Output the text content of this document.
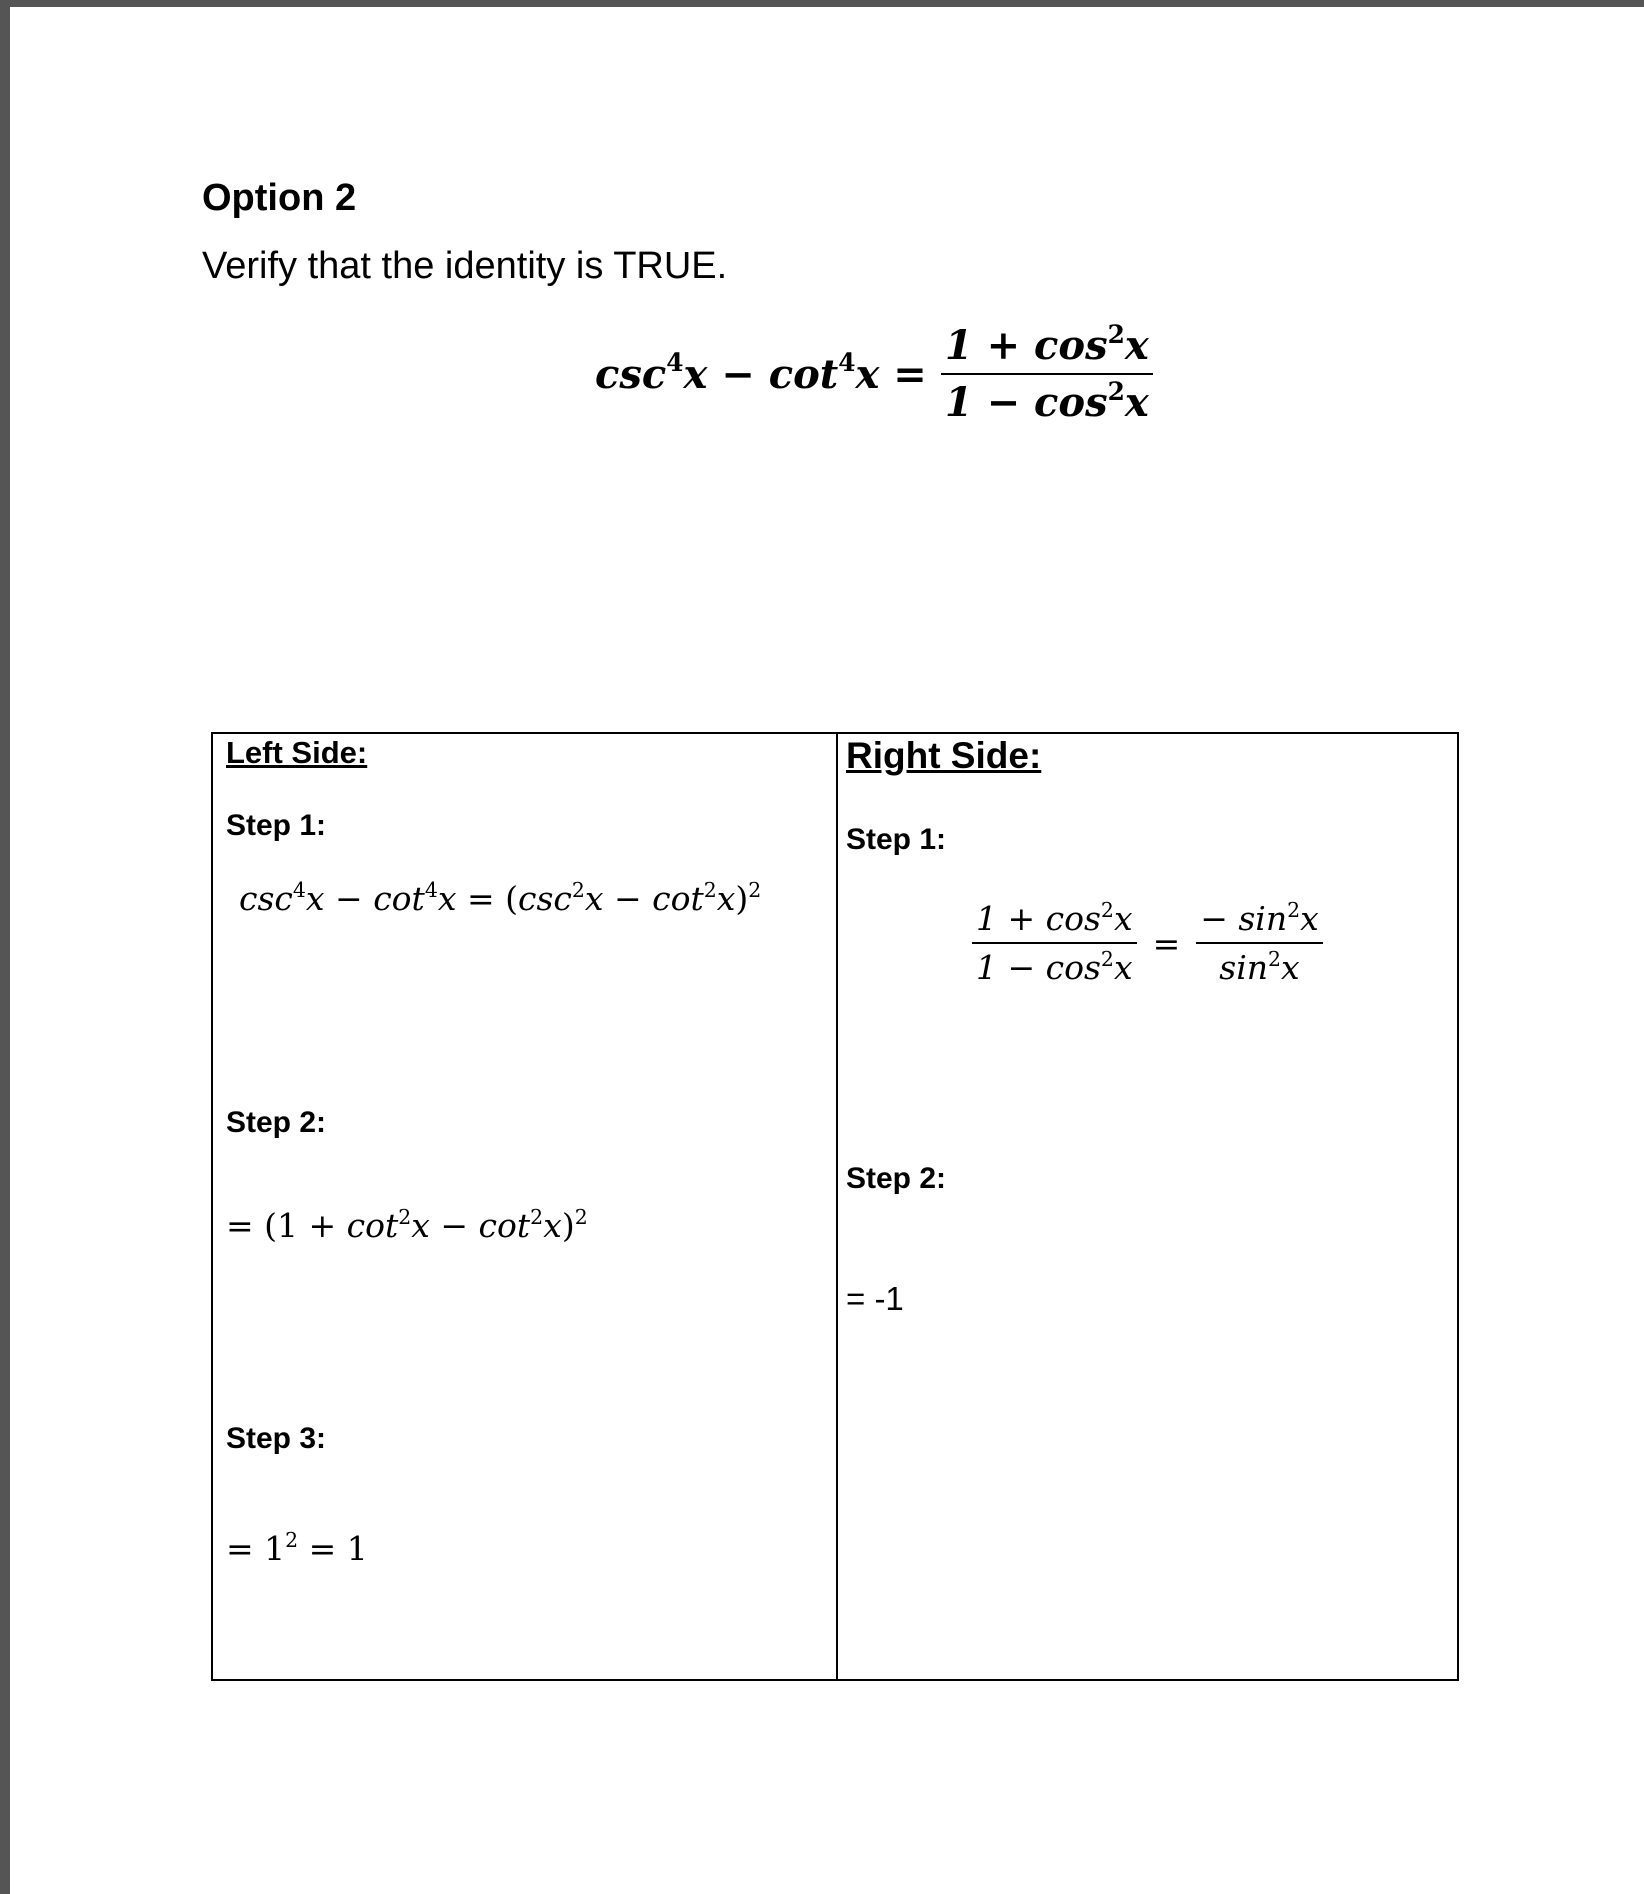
Option 2
Verify that the identity is TRUE.
$\csc^4x - \cot^4x = \frac{1 + \cos^2x}{1 - \cos^2x}$
Left Side:
Step 1:
$\csc^4x - \cot^4x = (\csc^2x - \cot^2x)^2$
Step 2:
= $(1 + \cot^2x - \cot^2x)^2$
Step 3:
= $1^2 = 1$
Right Side:
Step 1:
$\frac{1 + \cos^2x}{1 - \cos^2x} = \frac{- \sin^2x}{\sin^2x}$
Step 2:
= -1
